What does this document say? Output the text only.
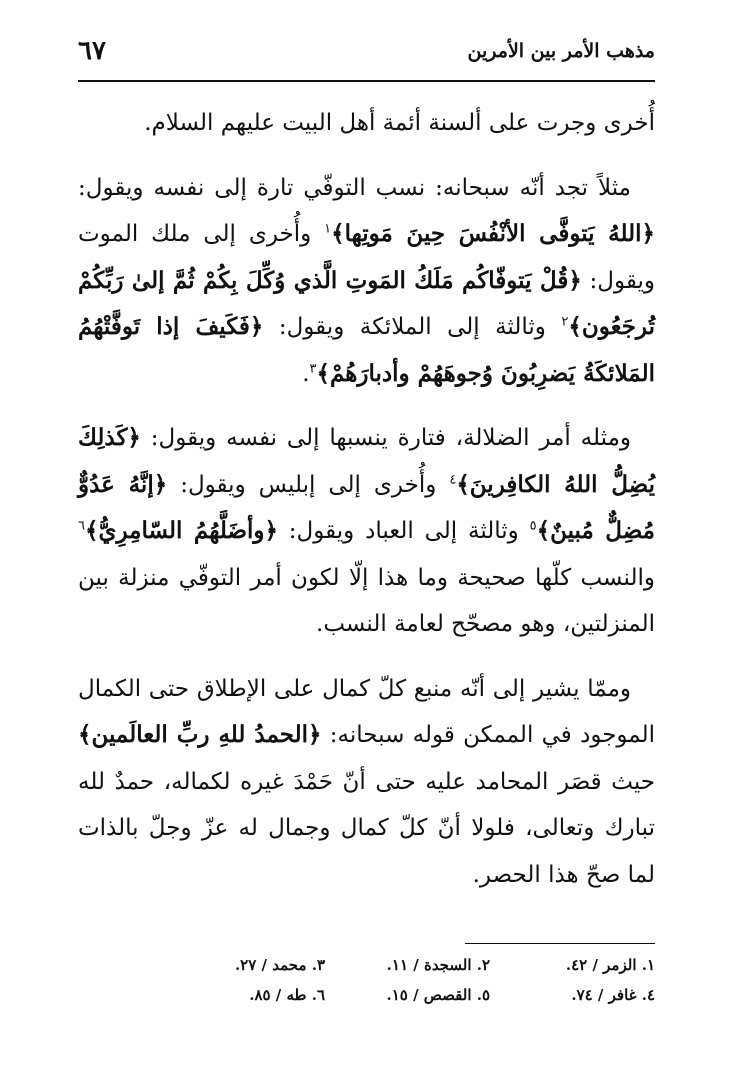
مذهب الأمر بين الأمرين
٦٧

أُخرى وجرت على ألسنة أئمة أهل البيت عليهم السلام.

مثلاً تجد أنّه سبحانه: نسب التوفّي تارة إلى نفسه ويقول: ﴿اللهُ يَتوفَّى الأنْفُسَ حِينَ مَوتِها﴾$^١$ وأُخرى إلى ملك الموت ويقول: ﴿قُلْ يَتوفّاكُم مَلَكُ المَوتِ الَّذي وُكِّلَ بِكُمْ ثُمَّ إلىٰ رَبِّكُمْ تُرجَعُون﴾$^٢$ وثالثة إلى الملائكة ويقول: ﴿فَكَيفَ إذا تَوفَّتْهُمُ المَلائكَةُ يَضرِبُونَ وُجوهَهُمْ وأدبارَهُمْ﴾$^٣$.

ومثله أمر الضلالة، فتارة ينسبها إلى نفسه ويقول: ﴿كَذلِكَ يُضِلُّ اللهُ الكافِرينَ﴾$^٤$ وأُخرى إلى إبليس ويقول: ﴿إنَّهُ عَدُوٌّ مُضِلٌّ مُبينٌ﴾$^٥$ وثالثة إلى العباد ويقول: ﴿وأضَلَّهُمُ السّامِرِيُّ﴾$^٦$ والنسب كلّها صحيحة وما هذا إلّا لكون أمر التوفّي منزلة بين المنزلتين، وهو مصحّح لعامة النسب.

وممّا يشير إلى أنّه منبع كلّ كمال على الإطلاق حتى الكمال الموجود في الممكن قوله سبحانه: ﴿الحمدُ للهِ ربِّ العالَمين﴾ حيث قصَر المحامد عليه حتى أنّ حَمْدَ غيره لكماله، حمدٌ لله تبارك وتعالى، فلولا أنّ كلّ كمال وجمال له عزّ وجلّ بالذات لما صحّ هذا الحصر.

١. الزمر / ٤٢.
٢. السجدة / ١١.
٣. محمد / ٢٧.
٤. غافر / ٧٤.
٥. القصص / ١٥.
٦. طه / ٨٥.
